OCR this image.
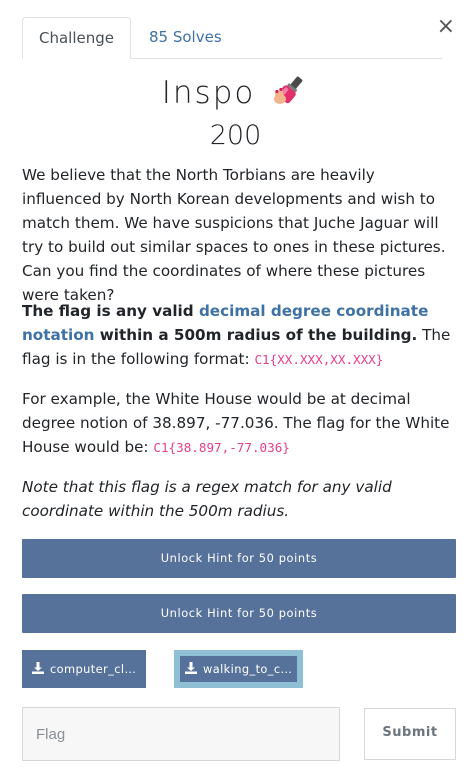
×
Challenge	85 Solves
Inspo
200

We believe that the North Torbians are heavily influenced by North Korean developments and wish to match them. We have suspicions that Juche Jaguar will try to build out similar spaces to ones in these pictures. Can you find the coordinates of where these pictures were taken?

The flag is any valid decimal degree coordinate notation within a 500m radius of the building. The flag is in the following format: C1{XX.XXX,XX.XXX}

For example, the White House would be at decimal degree notion of 38.897, -77.036. The flag for the White House would be: C1{38.897,-77.036}

Note that this flag is a regex match for any valid coordinate within the 500m radius.

Unlock Hint for 50 points
Unlock Hint for 50 points
computer_cl…	walking_to_c…
Flag
Submit
